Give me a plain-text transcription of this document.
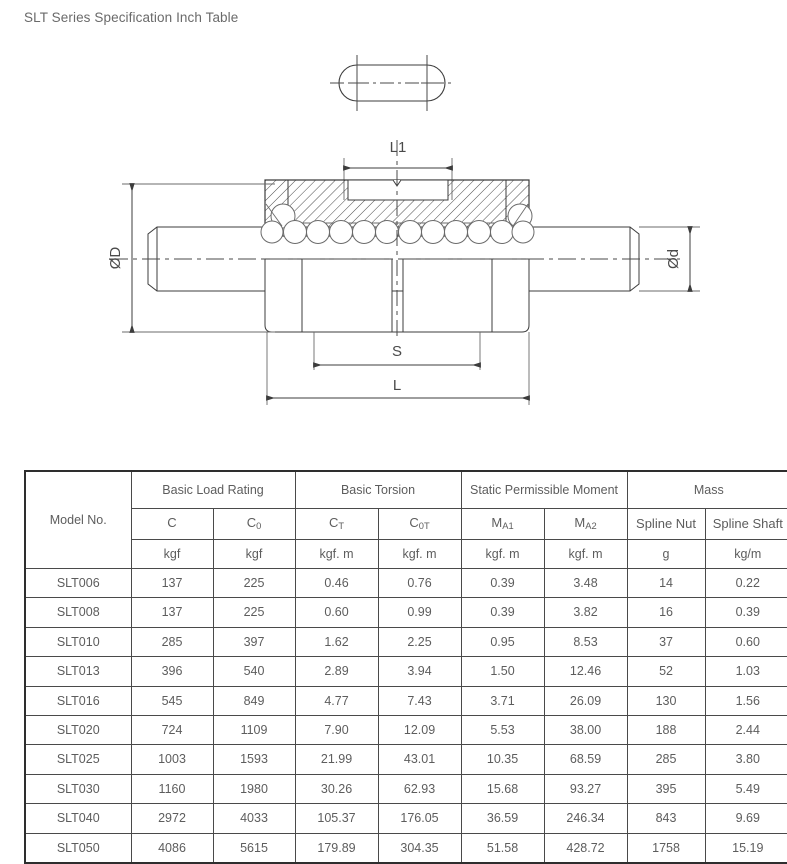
SLT Series Specification Inch Table
L1
S
L
ØD	Ød
Model No.	Basic Load Rating		Basic Torsion		Static Permissible Moment		Mass	
	C	$C_0$	$C_T$	$C_{0T}$	$M_{A1}$	$M_{A2}$	Spline Nut	Spline Shaft
	kgf	kgf	kgf. m	kgf. m	kgf. m	kgf. m	g	kg/m
SLT006	137	225	0.46	0.76	0.39	3.48	14	0.22
SLT008	137	225	0.60	0.99	0.39	3.82	16	0.39
SLT010	285	397	1.62	2.25	0.95	8.53	37	0.60
SLT013	396	540	2.89	3.94	1.50	12.46	52	1.03
SLT016	545	849	4.77	7.43	3.71	26.09	130	1.56
SLT020	724	1109	7.90	12.09	5.53	38.00	188	2.44
SLT025	1003	1593	21.99	43.01	10.35	68.59	285	3.80
SLT030	1160	1980	30.26	62.93	15.68	93.27	395	5.49
SLT040	2972	4033	105.37	176.05	36.59	246.34	843	9.69
SLT050	4086	5615	179.89	304.35	51.58	428.72	1758	15.19
